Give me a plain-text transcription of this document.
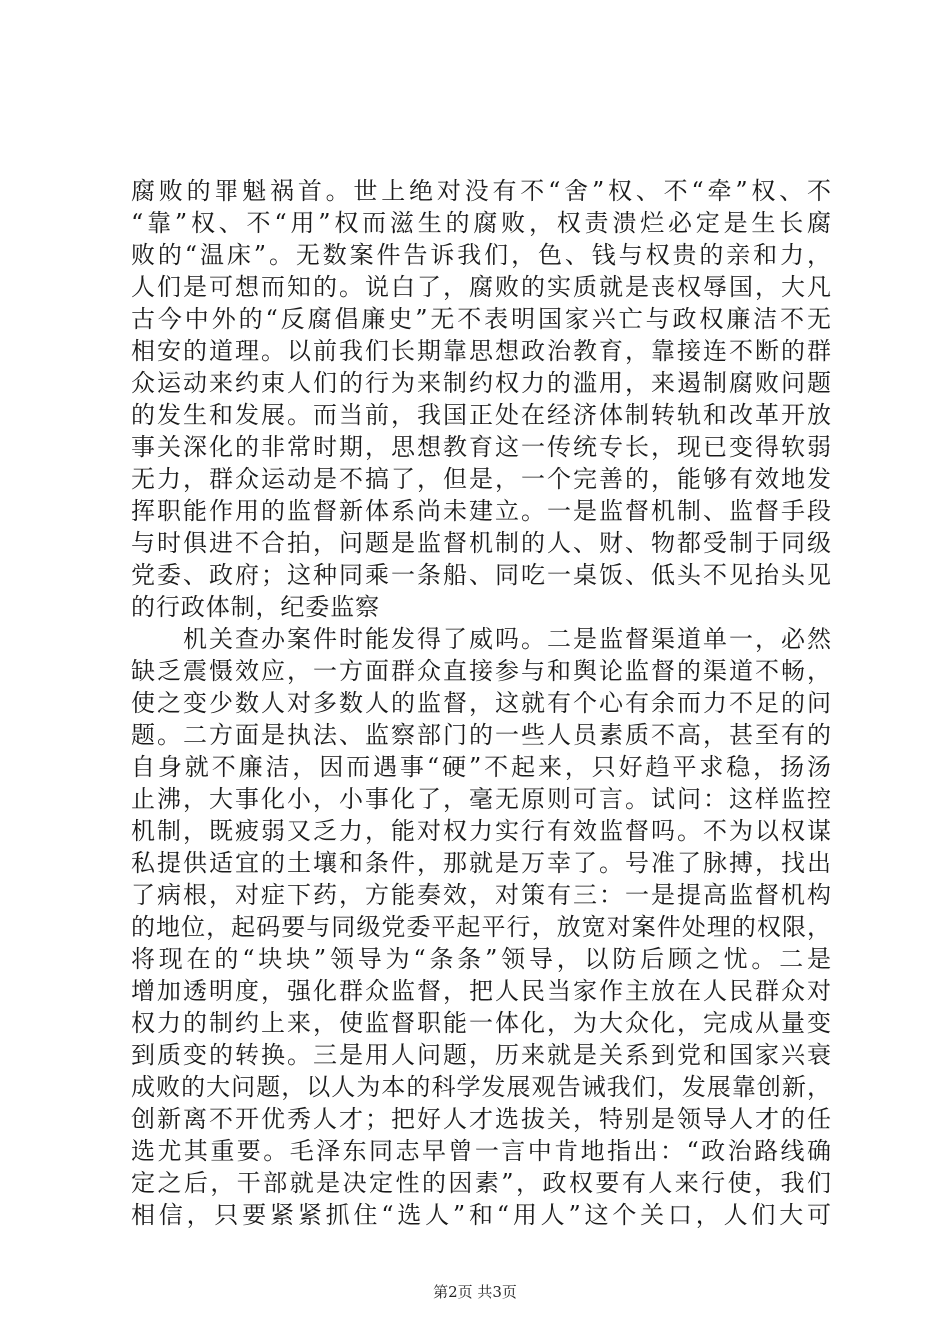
腐败的罪魁祸首。世上绝对没有不“舍”权、不“牵”权、不
“靠”权、不“用”权而滋生的腐败，权责溃烂必定是生长腐
败的“温床”。无数案件告诉我们，色、钱与权贵的亲和力，
人们是可想而知的。说白了，腐败的实质就是丧权辱国，大凡
古今中外的“反腐倡廉史”无不表明国家兴亡与政权廉洁不无
相安的道理。以前我们长期靠思想政治教育，靠接连不断的群
众运动来约束人们的行为来制约权力的滥用，来遏制腐败问题
的发生和发展。而当前，我国正处在经济体制转轨和改革开放
事关深化的非常时期，思想教育这一传统专长，现已变得软弱
无力，群众运动是不搞了，但是，一个完善的，能够有效地发
挥职能作用的监督新体系尚未建立。一是监督机制、监督手段
与时俱进不合拍，问题是监督机制的人、财、物都受制于同级
党委、政府；这种同乘一条船、同吃一桌饭、低头不见抬头见
的行政体制，纪委监察
　　机关查办案件时能发得了威吗。二是监督渠道单一，必然
缺乏震慑效应，一方面群众直接参与和舆论监督的渠道不畅，
使之变少数人对多数人的监督，这就有个心有余而力不足的问
题。二方面是执法、监察部门的一些人员素质不高，甚至有的
自身就不廉洁，因而遇事“硬”不起来，只好趋平求稳，扬汤
止沸，大事化小，小事化了，毫无原则可言。试问：这样监控
机制，既疲弱又乏力，能对权力实行有效监督吗。不为以权谋
私提供适宜的土壤和条件，那就是万幸了。号准了脉搏，找出
了病根，对症下药，方能奏效，对策有三：一是提高监督机构
的地位，起码要与同级党委平起平行，放宽对案件处理的权限，
将现在的“块块”领导为“条条”领导，以防后顾之忧。二是
增加透明度，强化群众监督，把人民当家作主放在人民群众对
权力的制约上来，使监督职能一体化，为大众化，完成从量变
到质变的转换。三是用人问题，历来就是关系到党和国家兴衰
成败的大问题，以人为本的科学发展观告诫我们，发展靠创新，
创新离不开优秀人才；把好人才选拔关，特别是领导人才的任
选尤其重要。毛泽东同志早曾一言中肯地指出：“政治路线确
定之后，干部就是决定性的因素”，政权要有人来行使，我们
相信，只要紧紧抓住“选人”和“用人”这个关口，人们大可
第2页 共3页
